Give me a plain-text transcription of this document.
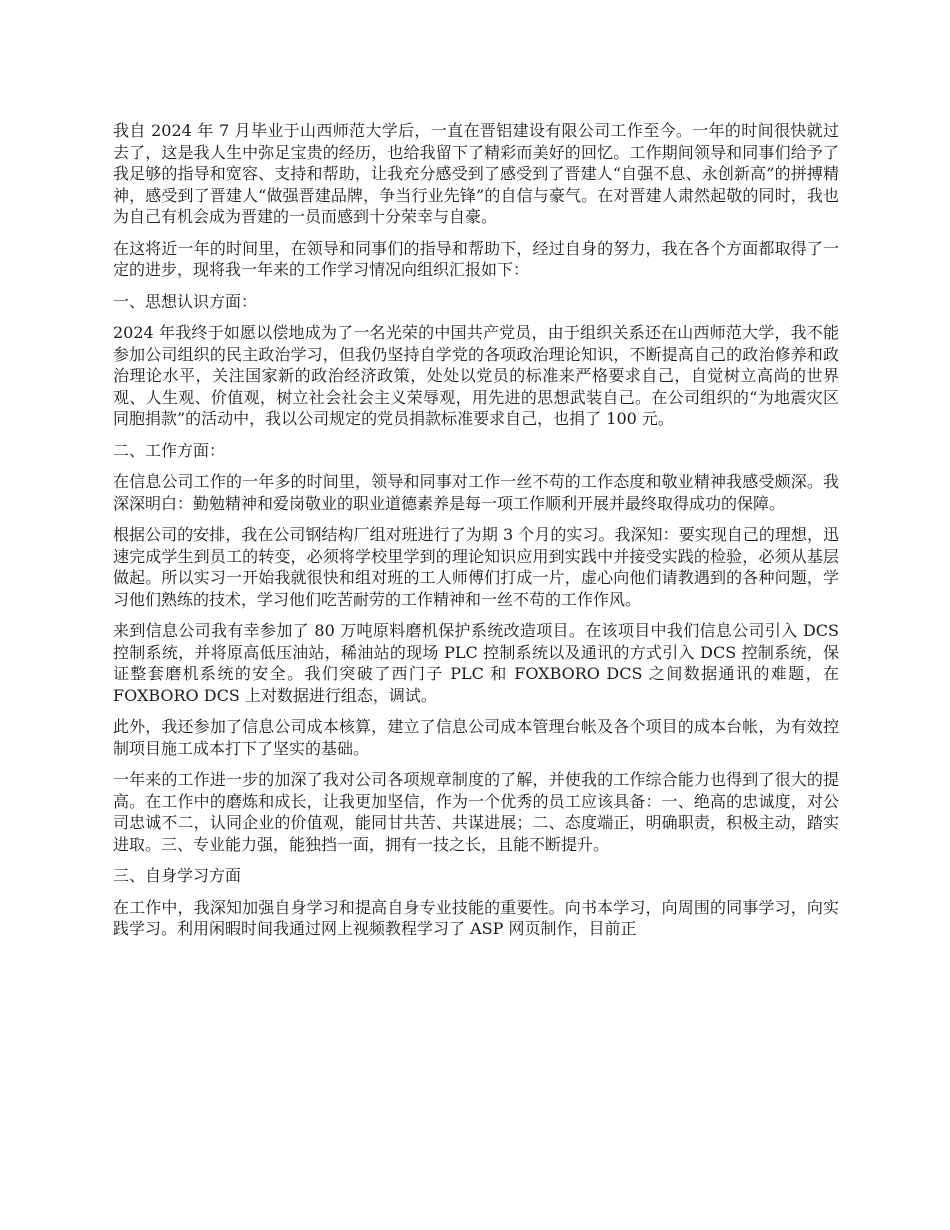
我自 2024 年 7 月毕业于山西师范大学后，一直在晋铝建设有限公司工作至今。一年的时间很快就过去了，这是我人生中弥足宝贵的经历，也给我留下了精彩而美好的回忆。工作期间领导和同事们给予了我足够的指导和宽容、支持和帮助，让我充分感受到了感受到了晋建人“自强不息、永创新高”的拼搏精神，感受到了晋建人“做强晋建品牌，争当行业先锋”的自信与豪气。在对晋建人肃然起敬的同时，我也为自己有机会成为晋建的一员而感到十分荣幸与自豪。

在这将近一年的时间里，在领导和同事们的指导和帮助下，经过自身的努力，我在各个方面都取得了一定的进步，现将我一年来的工作学习情况向组织汇报如下：

一、思想认识方面：

2024 年我终于如愿以偿地成为了一名光荣的中国共产党员，由于组织关系还在山西师范大学，我不能参加公司组织的民主政治学习，但我仍坚持自学党的各项政治理论知识，不断提高自己的政治修养和政治理论水平，关注国家新的政治经济政策，处处以党员的标准来严格要求自己，自觉树立高尚的世界观、人生观、价值观，树立社会社会主义荣辱观，用先进的思想武装自己。在公司组织的“为地震灾区同胞捐款”的活动中，我以公司规定的党员捐款标准要求自己，也捐了 100 元。

二、工作方面：

在信息公司工作的一年多的时间里，领导和同事对工作一丝不苟的工作态度和敬业精神我感受颇深。我深深明白：勤勉精神和爱岗敬业的职业道德素养是每一项工作顺利开展并最终取得成功的保障。

根据公司的安排，我在公司钢结构厂组对班进行了为期 3 个月的实习。我深知：要实现自己的理想，迅速完成学生到员工的转变，必须将学校里学到的理论知识应用到实践中并接受实践的检验，必须从基层做起。所以实习一开始我就很快和组对班的工人师傅们打成一片，虚心向他们请教遇到的各种问题，学习他们熟练的技术，学习他们吃苦耐劳的工作精神和一丝不苟的工作作风。

来到信息公司我有幸参加了 80 万吨原料磨机保护系统改造项目。在该项目中我们信息公司引入 DCS 控制系统，并将原高低压油站，稀油站的现场 PLC 控制系统以及通讯的方式引入 DCS 控制系统，保证整套磨机系统的安全。我们突破了西门子 PLC 和 FOXBORO DCS 之间数据通讯的难题，在 FOXBORO DCS 上对数据进行组态，调试。

此外，我还参加了信息公司成本核算，建立了信息公司成本管理台帐及各个项目的成本台帐，为有效控制项目施工成本打下了坚实的基础。

一年来的工作进一步的加深了我对公司各项规章制度的了解，并使我的工作综合能力也得到了很大的提高。在工作中的磨炼和成长，让我更加坚信，作为一个优秀的员工应该具备：一、绝高的忠诚度，对公司忠诚不二，认同企业的价值观，能同甘共苦、共谋进展；二、态度端正，明确职责，积极主动，踏实进取。三、专业能力强，能独挡一面，拥有一技之长，且能不断提升。

三、自身学习方面

在工作中，我深知加强自身学习和提高自身专业技能的重要性。向书本学习，向周围的同事学习，向实践学习。利用闲暇时间我通过网上视频教程学习了 ASP 网页制作，目前正
